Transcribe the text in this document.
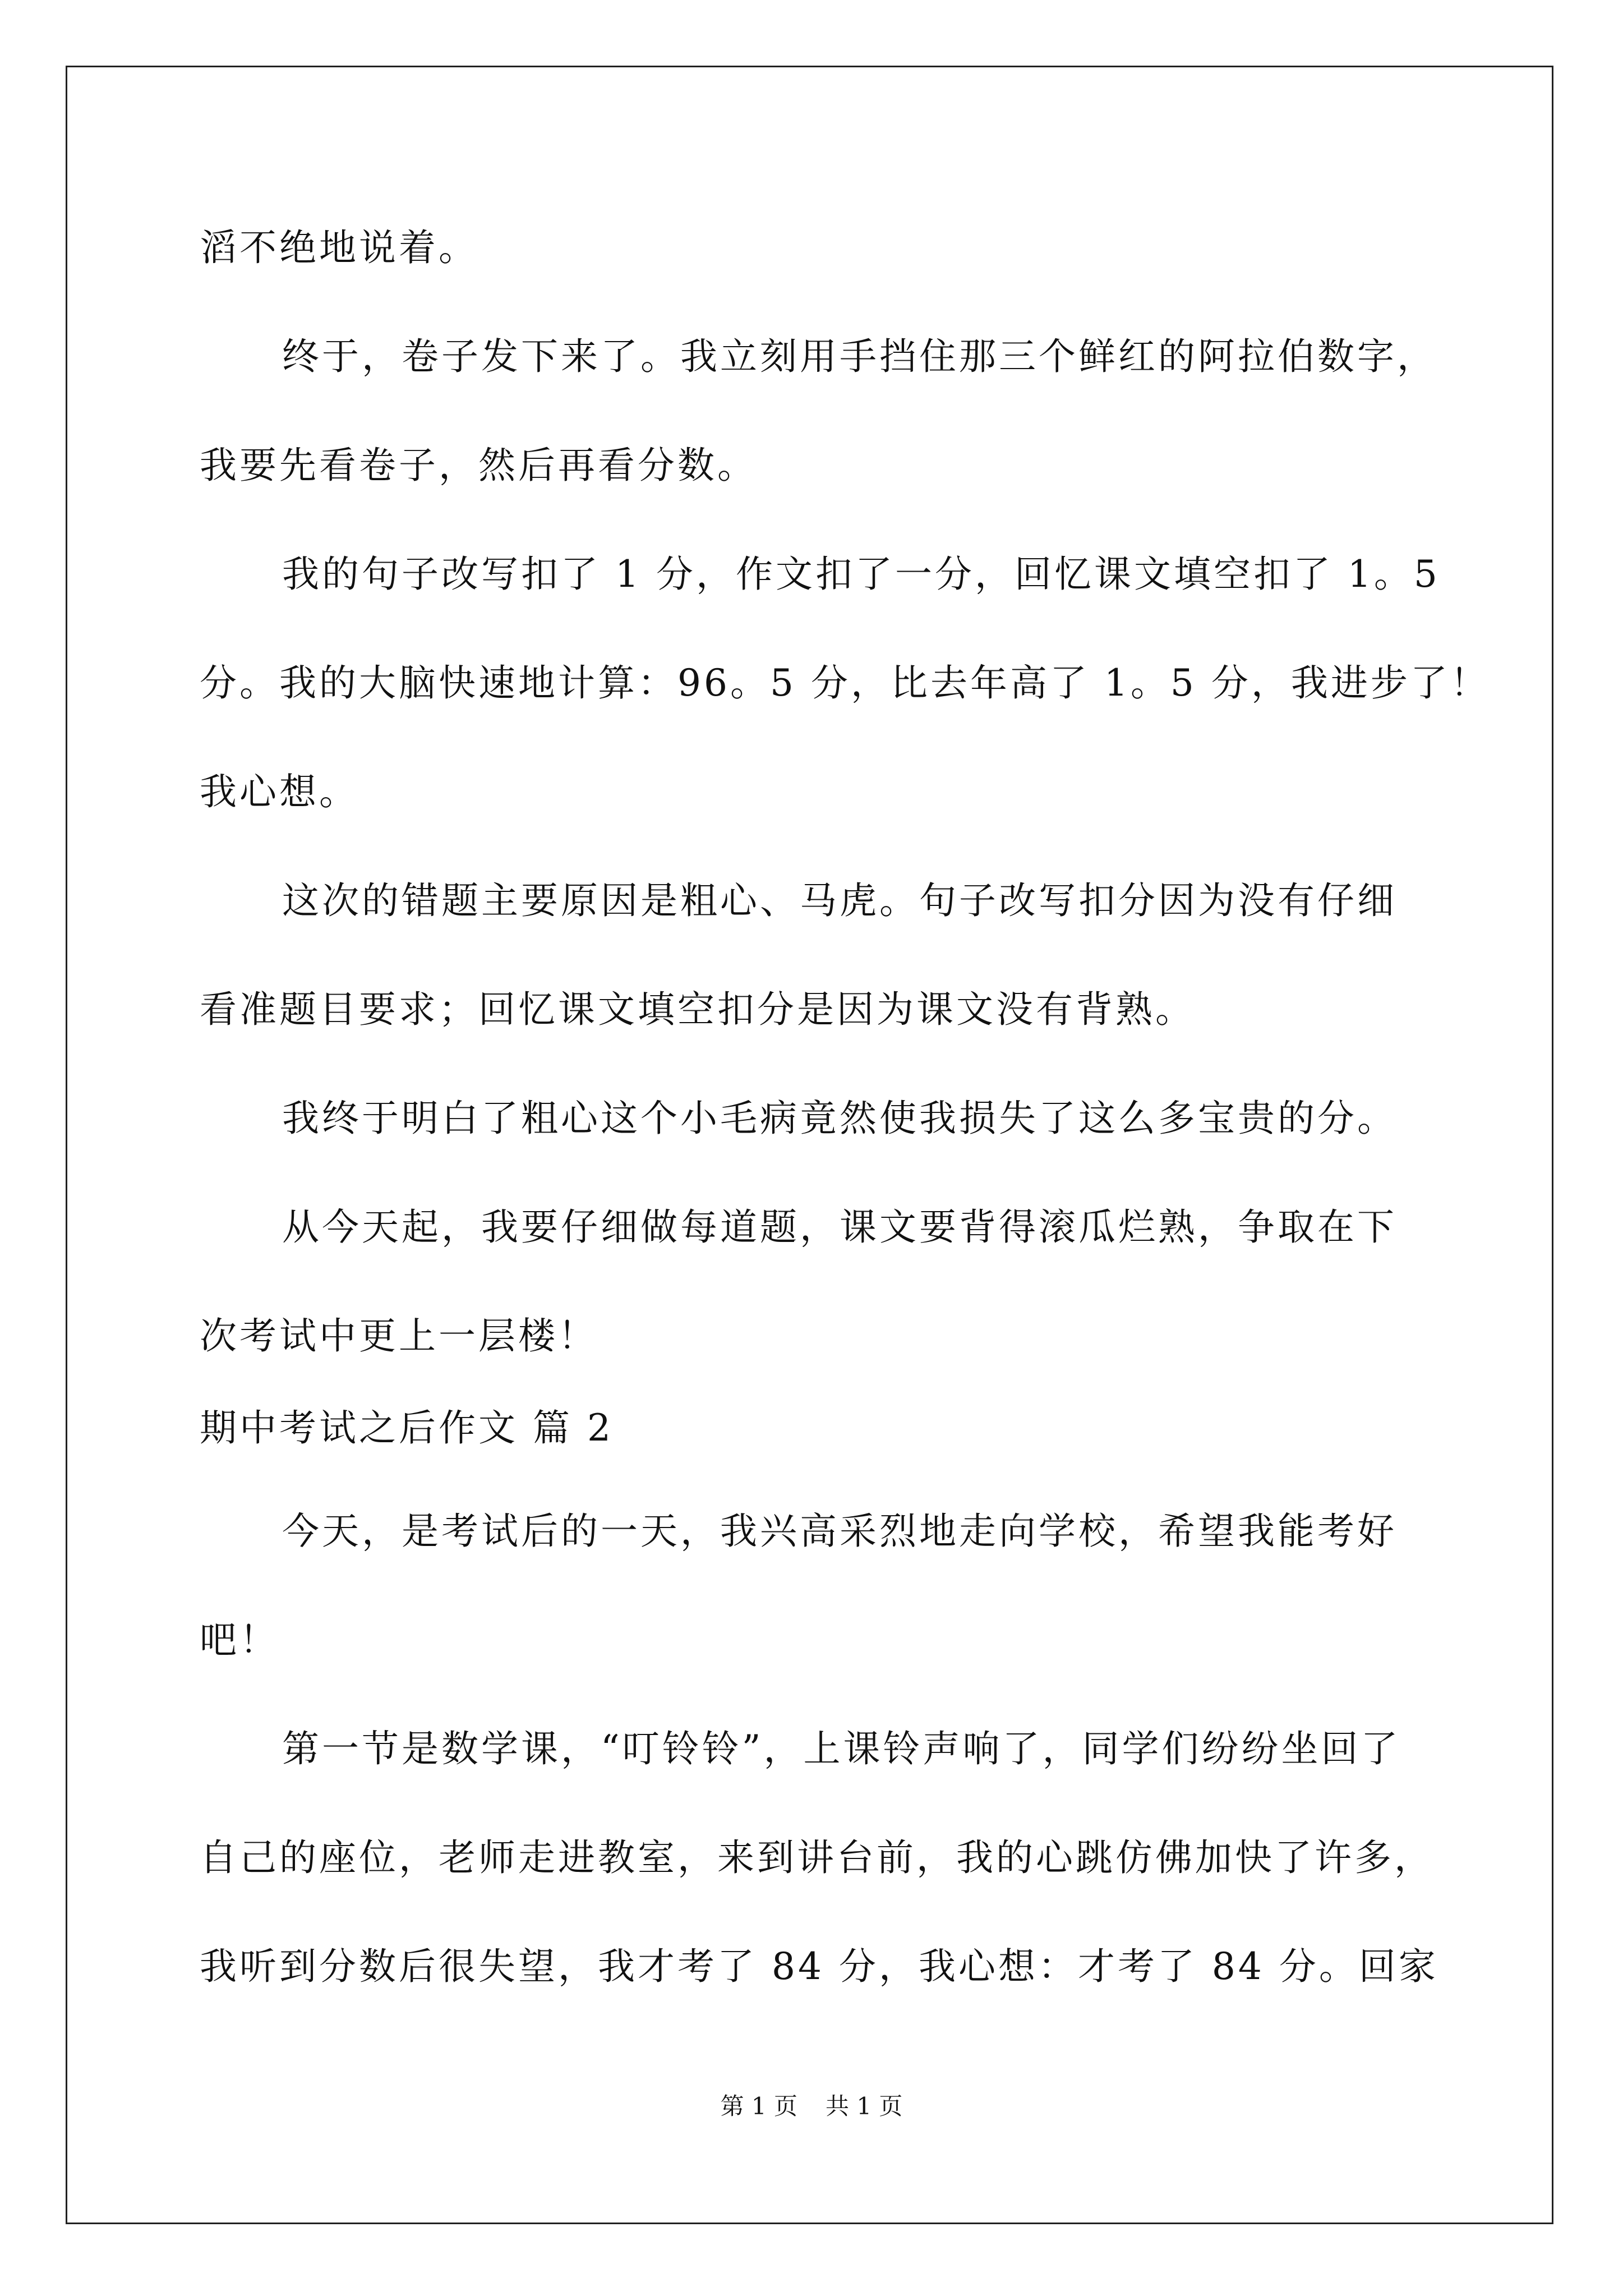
滔不绝地说着。
终于，卷子发下来了。我立刻用手挡住那三个鲜红的阿拉伯数字，
我要先看卷子，然后再看分数。
我的句子改写扣了 1 分，作文扣了一分，回忆课文填空扣了 1。5
分。我的大脑快速地计算：96。5 分，比去年高了 1。5 分，我进步了！
我心想。
这次的错题主要原因是粗心、马虎。句子改写扣分因为没有仔细
看准题目要求；回忆课文填空扣分是因为课文没有背熟。
我终于明白了粗心这个小毛病竟然使我损失了这么多宝贵的分。
从今天起，我要仔细做每道题，课文要背得滚瓜烂熟，争取在下
次考试中更上一层楼！
期中考试之后作文 篇 2
今天，是考试后的一天，我兴高采烈地走向学校，希望我能考好
吧！
第一节是数学课，“叮铃铃”，上课铃声响了，同学们纷纷坐回了
自己的座位，老师走进教室，来到讲台前，我的心跳仿佛加快了许多，
我听到分数后很失望，我才考了 84 分，我心想：才考了 84 分。回家
第 1 页 共 1 页
